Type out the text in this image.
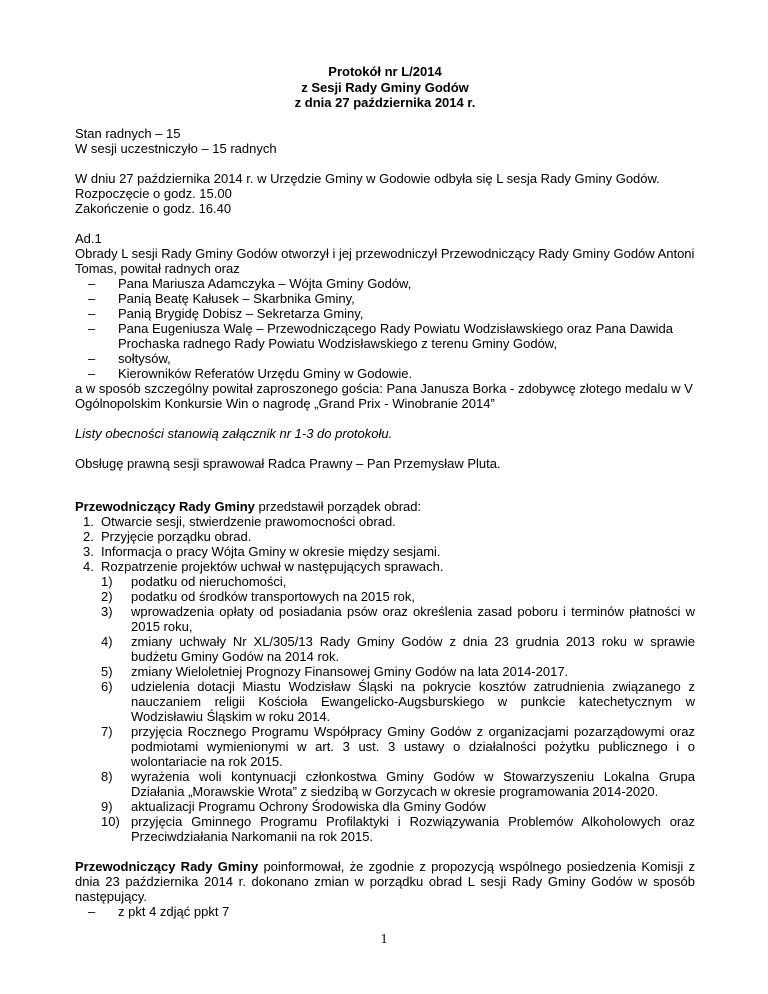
Protokół nr L/2014
z Sesji Rady Gminy Godów
z dnia 27 października 2014 r.

Stan radnych – 15

W sesji uczestniczyło – 15 radnych

W dniu 27 października 2014 r. w Urzędzie Gminy w Godowie odbyła się L sesja Rady Gminy Godów.

Rozpoczęcie o godz. 15.00

Zakończenie o godz. 16.40

Ad.1

Obrady L sesji Rady Gminy Godów otworzył i jej przewodniczył Przewodniczący Rady Gminy Godów Antoni Tomas, powitał radnych oraz

– Pana Mariusza Adamczyka – Wójta Gminy Godów,
– Panią Beatę Kałusek – Skarbnika Gminy,
– Panią Brygidę Dobisz – Sekretarza Gminy,
– Pana Eugeniusza Walę – Przewodniczącego Rady Powiatu Wodzisławskiego oraz Pana Dawida Prochaska radnego Rady Powiatu Wodzisławskiego z terenu Gminy Godów,
– sołtysów,
– Kierowników Referatów Urzędu Gminy w Godowie.

a w sposób szczególny powitał zaproszonego gościa: Pana Janusza Borka - zdobywcę złotego medalu w V Ogólnopolskim Konkursie Win o nagrodę „Grand Prix - Winobranie 2014”

Listy obecności stanowią załącznik nr 1-3 do protokołu.

Obsługę prawną sesji sprawował Radca Prawny – Pan Przemysław Pluta.

Przewodniczący Rady Gminy przedstawił porządek obrad:

1. Otwarcie sesji, stwierdzenie prawomocności obrad.
2. Przyjęcie porządku obrad.
3. Informacja o pracy Wójta Gminy w okresie między sesjami.
4. Rozpatrzenie projektów uchwał w następujących sprawach.
1) podatku od nieruchomości,
2) podatku od środków transportowych na 2015 rok,
3) wprowadzenia opłaty od posiadania psów oraz określenia zasad poboru i terminów płatności w 2015 roku,
4) zmiany uchwały Nr XL/305/13 Rady Gminy Godów z dnia 23 grudnia 2013 roku w sprawie budżetu Gminy Godów na 2014 rok.
5) zmiany Wieloletniej Prognozy Finansowej Gminy Godów na lata 2014-2017.
6) udzielenia dotacji Miastu Wodzisław Śląski na pokrycie kosztów zatrudnienia związanego z nauczaniem religii Kościoła Ewangelicko-Augsburskiego w punkcie katechetycznym w Wodzisławiu Śląskim w roku 2014.
7) przyjęcia Rocznego Programu Współpracy Gminy Godów z organizacjami pozarządowymi oraz podmiotami wymienionymi w art. 3 ust. 3 ustawy o działalności pożytku publicznego i o wolontariacie na rok 2015.
8) wyrażenia woli kontynuacji członkostwa Gminy Godów w Stowarzyszeniu Lokalna Grupa Działania „Morawskie Wrota” z siedzibą w Gorzycach w okresie programowania 2014-2020.
9) aktualizacji Programu Ochrony Środowiska dla Gminy Godów
10) przyjęcia Gminnego Programu Profilaktyki i Rozwiązywania Problemów Alkoholowych oraz Przeciwdziałania Narkomanii na rok 2015.

Przewodniczący Rady Gminy poinformował, że zgodnie z propozycją wspólnego posiedzenia Komisji z dnia 23 października 2014 r. dokonano zmian w porządku obrad L sesji Rady Gminy Godów w sposób następujący.

– z pkt 4 zdjąć ppkt 7
1
